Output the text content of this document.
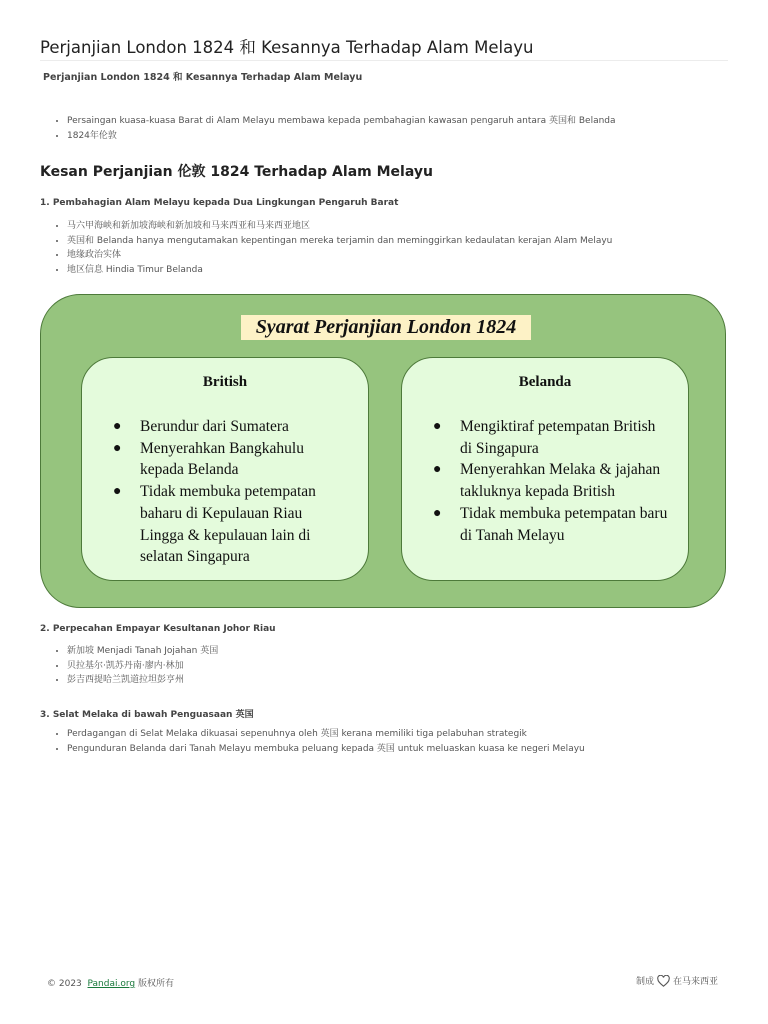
Perjanjian London 1824 和 Kesannya Terhadap Alam Melayu
Perjanjian London 1824 和 Kesannya Terhadap Alam Melayu
• Persaingan kuasa-kuasa Barat di Alam Melayu membawa kepada pembahagian kawasan pengaruh antara 英国和 Belanda
• 1824年伦敦
Kesan Perjanjian 伦敦 1824 Terhadap Alam Melayu
1. Pembahagian Alam Melayu kepada Dua Lingkungan Pengaruh Barat
• 马六甲海峡和新加坡海峡和新加坡和马来西亚和马来西亚地区
• 英国和 Belanda hanya mengutamakan kepentingan mereka terjamin dan meminggirkan kedaulatan kerajan Alam Melayu
• 地缘政治实体
• 地区信息 Hindia Timur Belanda
Syarat Perjanjian London 1824
British
● Berundur dari Sumatera
● Menyerahkan Bangkahulu kepada Belanda
● Tidak membuka petempatan baharu di Kepulauan Riau Lingga & kepulauan lain di selatan Singapura
Belanda
● Mengiktiraf petempatan British di Singapura
● Menyerahkan Melaka & jajahan takluknya kepada British
● Tidak membuka petempatan baru di Tanah Melayu
2. Perpecahan Empayar Kesultanan Johor Riau
• 新加坡 Menjadi Tanah Jojahan 英国
• 贝拉基尔·凯苏丹南·廖内·林加
• 彭吉西提哈兰凯道拉坦彭亨州
3. Selat Melaka di bawah Penguasaan 英国
• Perdagangan di Selat Melaka dikuasai sepenuhnya oleh 英国 kerana memiliki tiga pelabuhan strategik
• Pengunduran Belanda dari Tanah Melayu membuka peluang kepada 英国 untuk meluaskan kuasa ke negeri Melayu
© 2023 Pandai.org 版权所有	制成 在马来西亚
